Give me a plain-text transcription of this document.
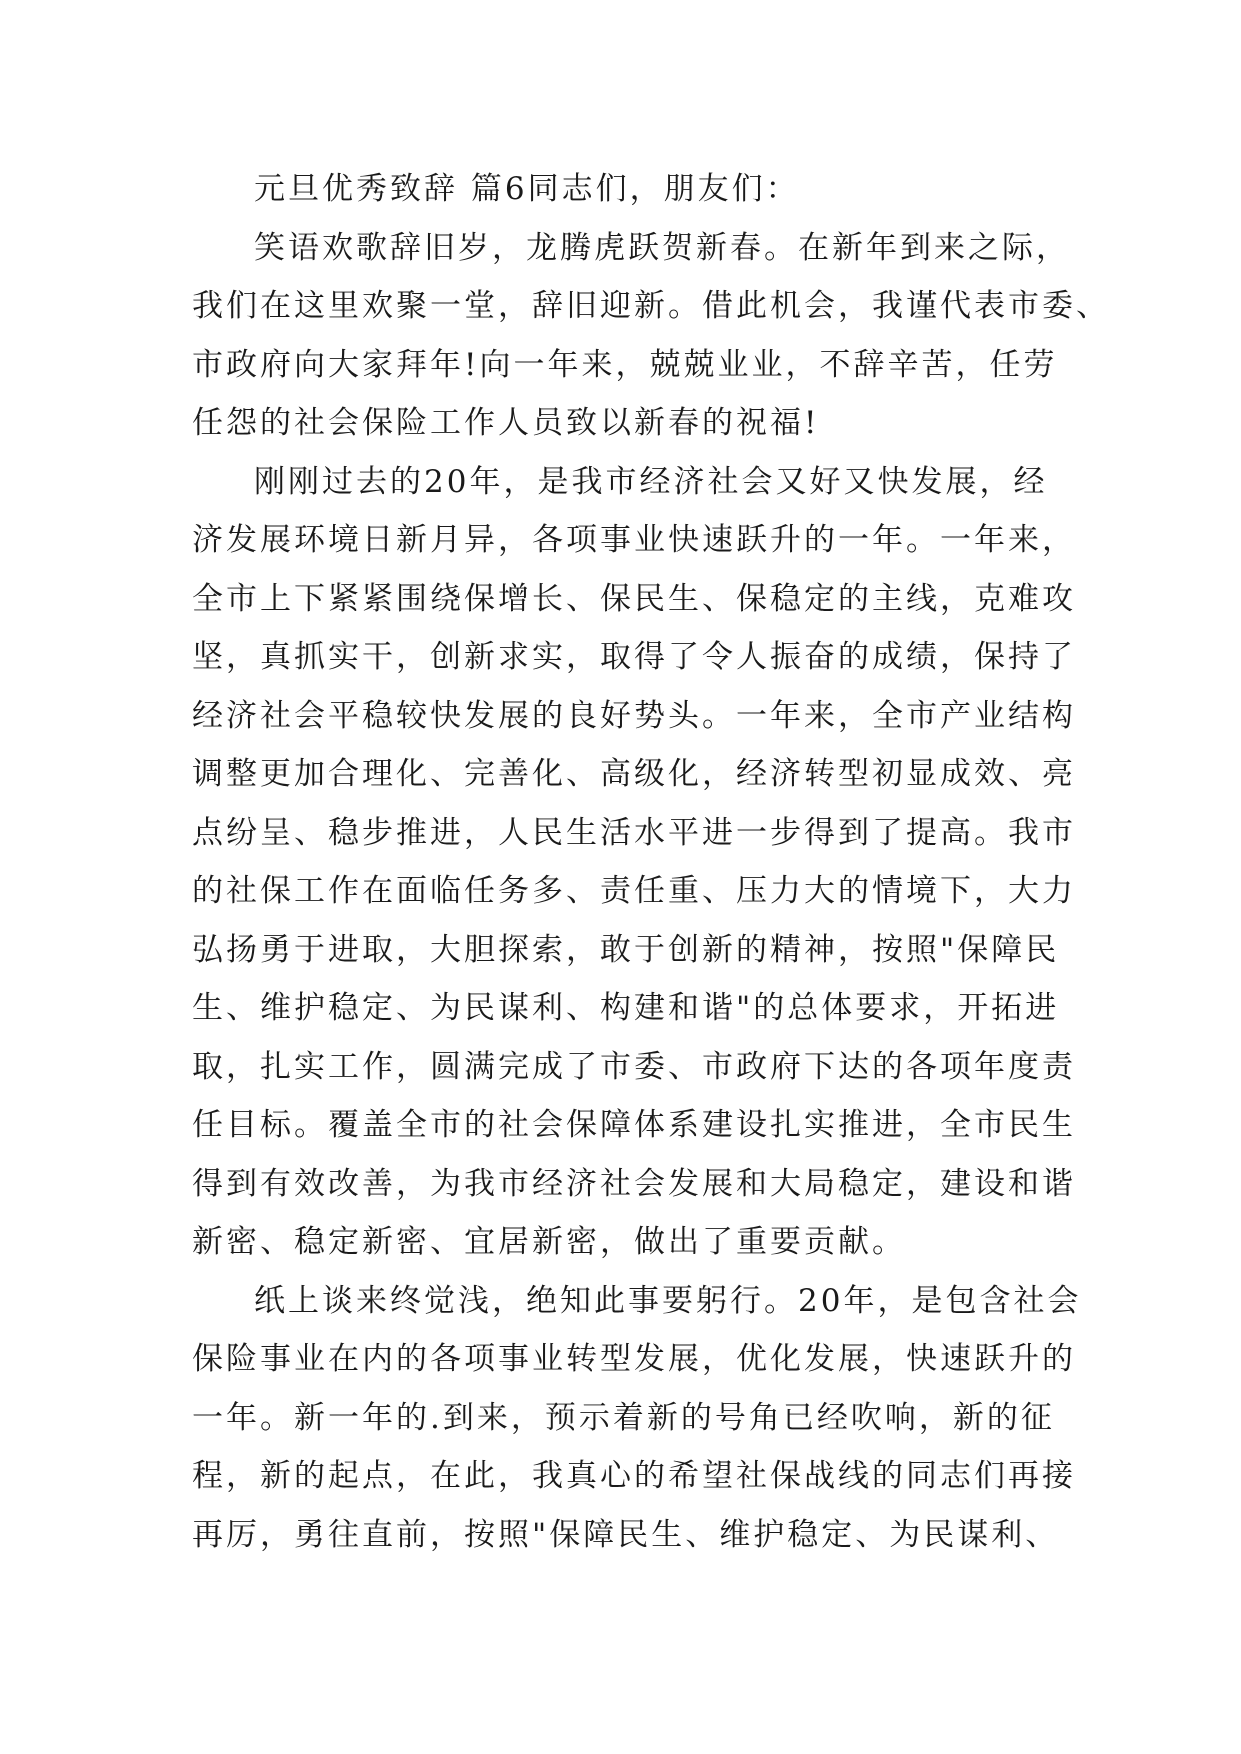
元旦优秀致辞 篇6同志们，朋友们：
笑语欢歌辞旧岁，龙腾虎跃贺新春。在新年到来之际，
我们在这里欢聚一堂，辞旧迎新。借此机会，我谨代表市委、
市政府向大家拜年!向一年来，兢兢业业，不辞辛苦，任劳
任怨的社会保险工作人员致以新春的祝福!
刚刚过去的20年，是我市经济社会又好又快发展，经
济发展环境日新月异，各项事业快速跃升的一年。一年来，
全市上下紧紧围绕保增长、保民生、保稳定的主线，克难攻
坚，真抓实干，创新求实，取得了令人振奋的成绩，保持了
经济社会平稳较快发展的良好势头。一年来，全市产业结构
调整更加合理化、完善化、高级化，经济转型初显成效、亮
点纷呈、稳步推进，人民生活水平进一步得到了提高。我市
的社保工作在面临任务多、责任重、压力大的情境下，大力
弘扬勇于进取，大胆探索，敢于创新的精神，按照"保障民
生、维护稳定、为民谋利、构建和谐"的总体要求，开拓进
取，扎实工作，圆满完成了市委、市政府下达的各项年度责
任目标。覆盖全市的社会保障体系建设扎实推进，全市民生
得到有效改善，为我市经济社会发展和大局稳定，建设和谐
新密、稳定新密、宜居新密，做出了重要贡献。
纸上谈来终觉浅，绝知此事要躬行。20年，是包含社会
保险事业在内的各项事业转型发展，优化发展，快速跃升的
一年。新一年的.到来，预示着新的号角已经吹响，新的征
程，新的起点，在此，我真心的希望社保战线的同志们再接
再厉，勇往直前，按照"保障民生、维护稳定、为民谋利、
